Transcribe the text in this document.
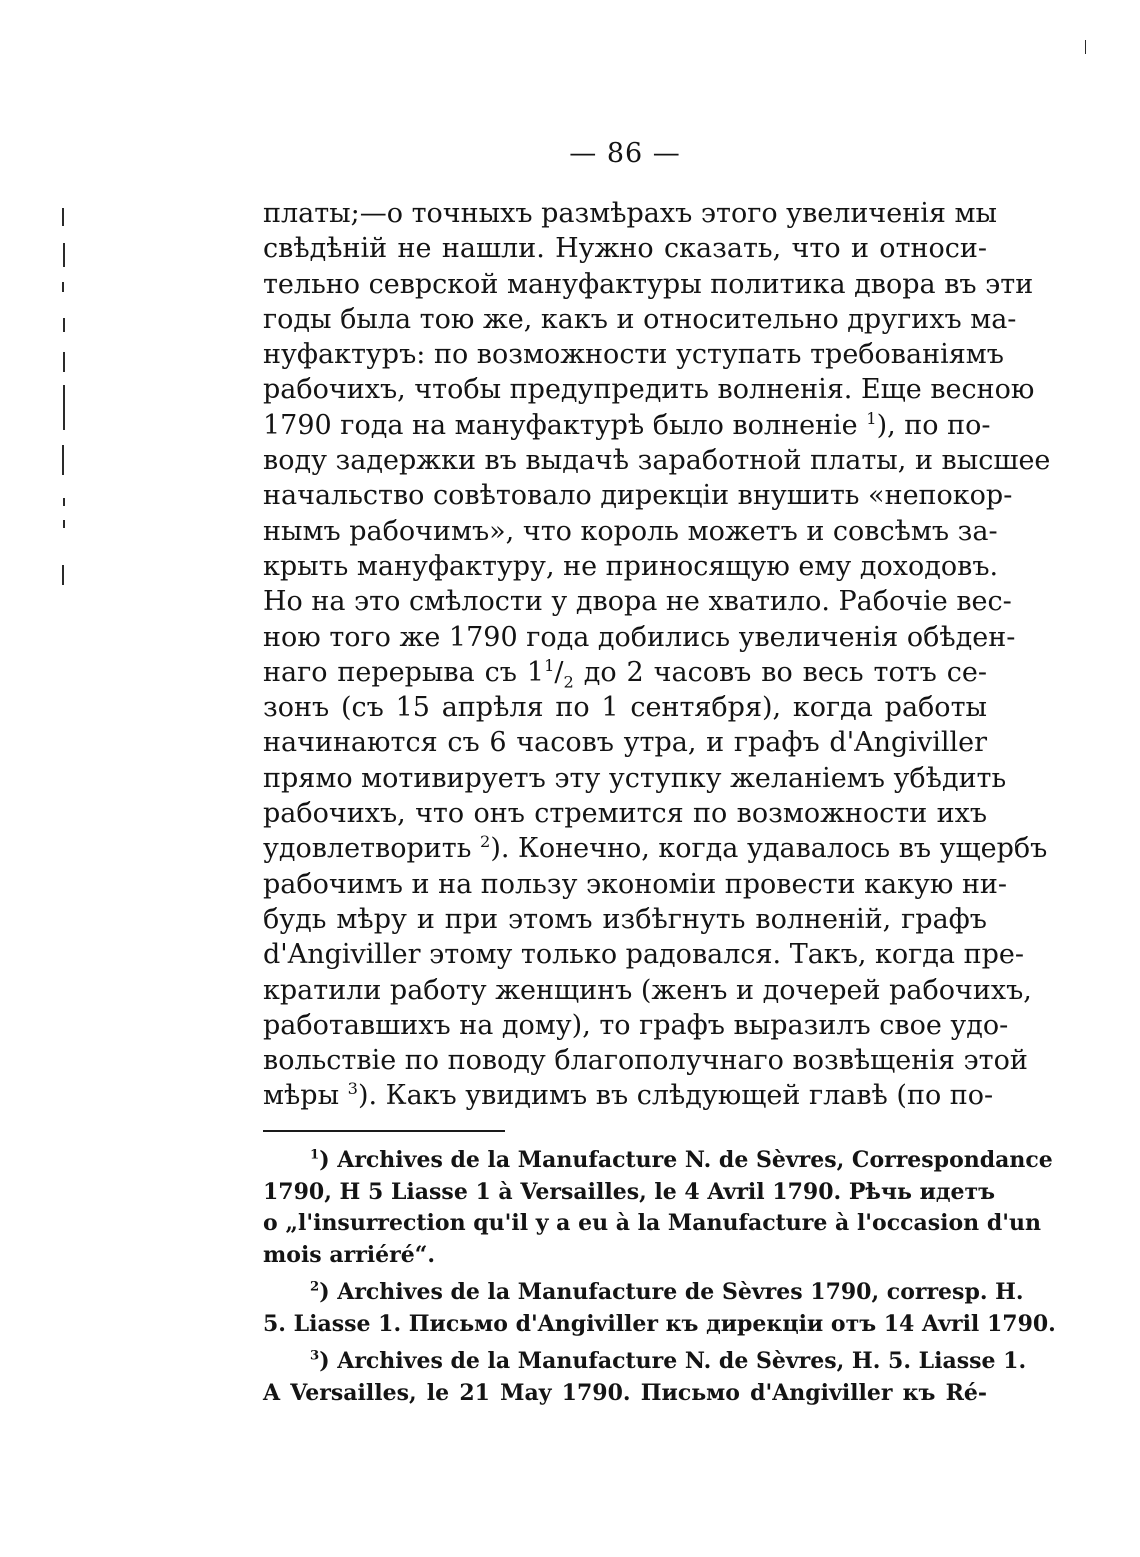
— 86 —
платы;—о точныхъ размѣрахъ этого увеличенія мы
свѣдѣній не нашли. Нужно сказать, что и относи-
тельно севрской мануфактуры политика двора въ эти
годы была тою же, какъ и относительно другихъ ма-
нуфактуръ: по возможности уступать требованіямъ
рабочихъ, чтобы предупредить волненія. Еще весною
1790 года на мануфактурѣ было волненіе $^1$), по по-
воду задержки въ выдачѣ заработной платы, и высшее
начальство совѣтовало дирекціи внушить «непокор-
нымъ рабочимъ», что король можетъ и совсѣмъ за-
крыть мануфактуру, не приносящую ему доходовъ.
Но на это смѣлости у двора не хватило. Рабочіе вес-
ною того же 1790 года добились увеличенія обѣден-
наго перерыва съ $1^1/_2$ до 2 часовъ во весь тотъ се-
зонъ (съ 15 апрѣля по 1 сентября), когда работы
начинаются съ 6 часовъ утра, и графъ d'Angiviller
прямо мотивируетъ эту уступку желаніемъ убѣдить
рабочихъ, что онъ стремится по возможности ихъ
удовлетворить $^2$). Конечно, когда удавалось въ ущербъ
рабочимъ и на пользу экономіи провести какую ни-
будь мѣру и при этомъ избѣгнуть волненій, графъ
d'Angiviller этому только радовался. Такъ, когда пре-
кратили работу женщинъ (женъ и дочерей рабочихъ,
работавшихъ на дому), то графъ выразилъ свое удо-
вольствіе по поводу благополучнаго возвѣщенія этой
мѣры $^3$). Какъ увидимъ въ слѣдующей главѣ (по по-
$^1$) Archives de la Manufacture N. de Sèvres, Correspondance
1790, H 5 Liasse 1 à Versailles, le 4 Avril 1790. Рѣчь идетъ
о „l'insurrection qu'il y a eu à la Manufacture à l'occasion d'un
mois arriéré“.
$^2$) Archives de la Manufacture de Sèvres 1790, corresp. H.
5. Liasse 1. Письмо d'Angiviller къ дирекціи отъ 14 Avril 1790.
$^3$) Archives de la Manufacture N. de Sèvres, H. 5. Liasse 1.
A Versailles, le 21 May 1790. Письмо d'Angiviller къ Ré-
